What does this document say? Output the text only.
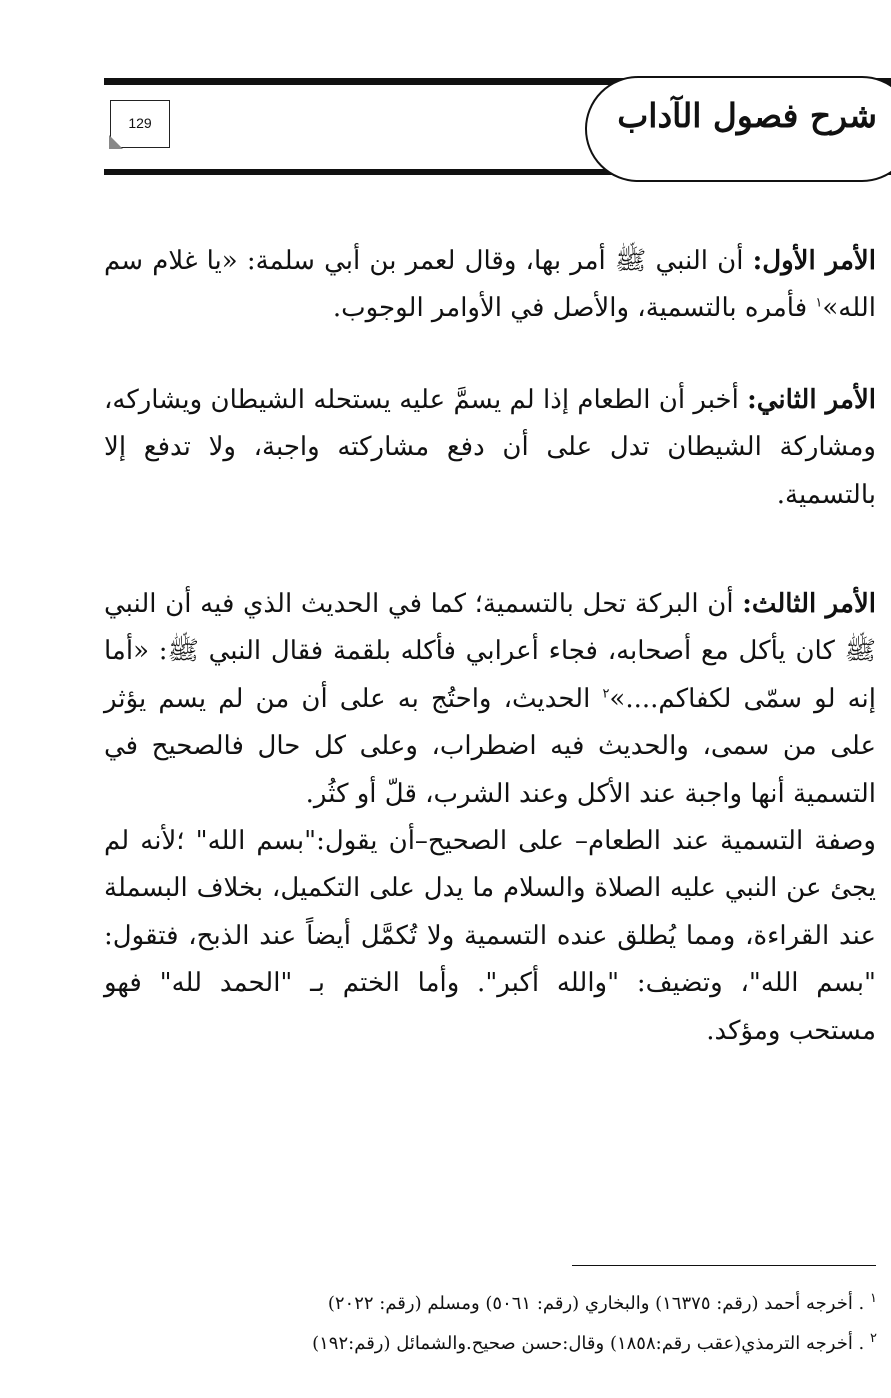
شرح فصول الآداب
129

الأمر الأول: أن النبي ﷺ أمر بها، وقال لعمر بن أبي سلمة: «يا غلام سم الله»$^١$ فأمره بالتسمية، والأصل في الأوامر الوجوب.

الأمر الثاني: أخبر أن الطعام إذا لم يسمَّ عليه يستحله الشيطان ويشاركه، ومشاركة الشيطان تدل على أن دفع مشاركته واجبة، ولا تدفع إلا بالتسمية.

الأمر الثالث: أن البركة تحل بالتسمية؛ كما في الحديث الذي فيه أن النبي ﷺ كان يأكل مع أصحابه، فجاء أعرابي فأكله بلقمة فقال النبي ﷺ: «أما إنه لو سمّى لكفاكم....»$^٢$ الحديث، واحتُج به على أن من لم يسم يؤثر على من سمى، والحديث فيه اضطراب، وعلى كل حال فالصحيح في التسمية أنها واجبة عند الأكل وعند الشرب، قلّ أو كثُر.

وصفة التسمية عند الطعام– على الصحيح–أن يقول:"بسم الله" ؛لأنه لم يجئ عن النبي عليه الصلاة والسلام ما يدل على التكميل، بخلاف البسملة عند القراءة، ومما يُطلق عنده التسمية ولا تُكمَّل أيضاً عند الذبح، فتقول: "بسم الله"، وتضيف: "والله أكبر". وأما الختم بـ "الحمد لله" فهو مستحب ومؤكد.

$^١$ . أخرجه أحمد (رقم: ١٦٣٧٥) والبخاري (رقم: ٥٠٦١) ومسلم (رقم: ٢٠٢٢)

$^٢$ . أخرجه الترمذي(عقب رقم:١٨٥٨) وقال:حسن صحيح.والشمائل (رقم:١٩٢)
